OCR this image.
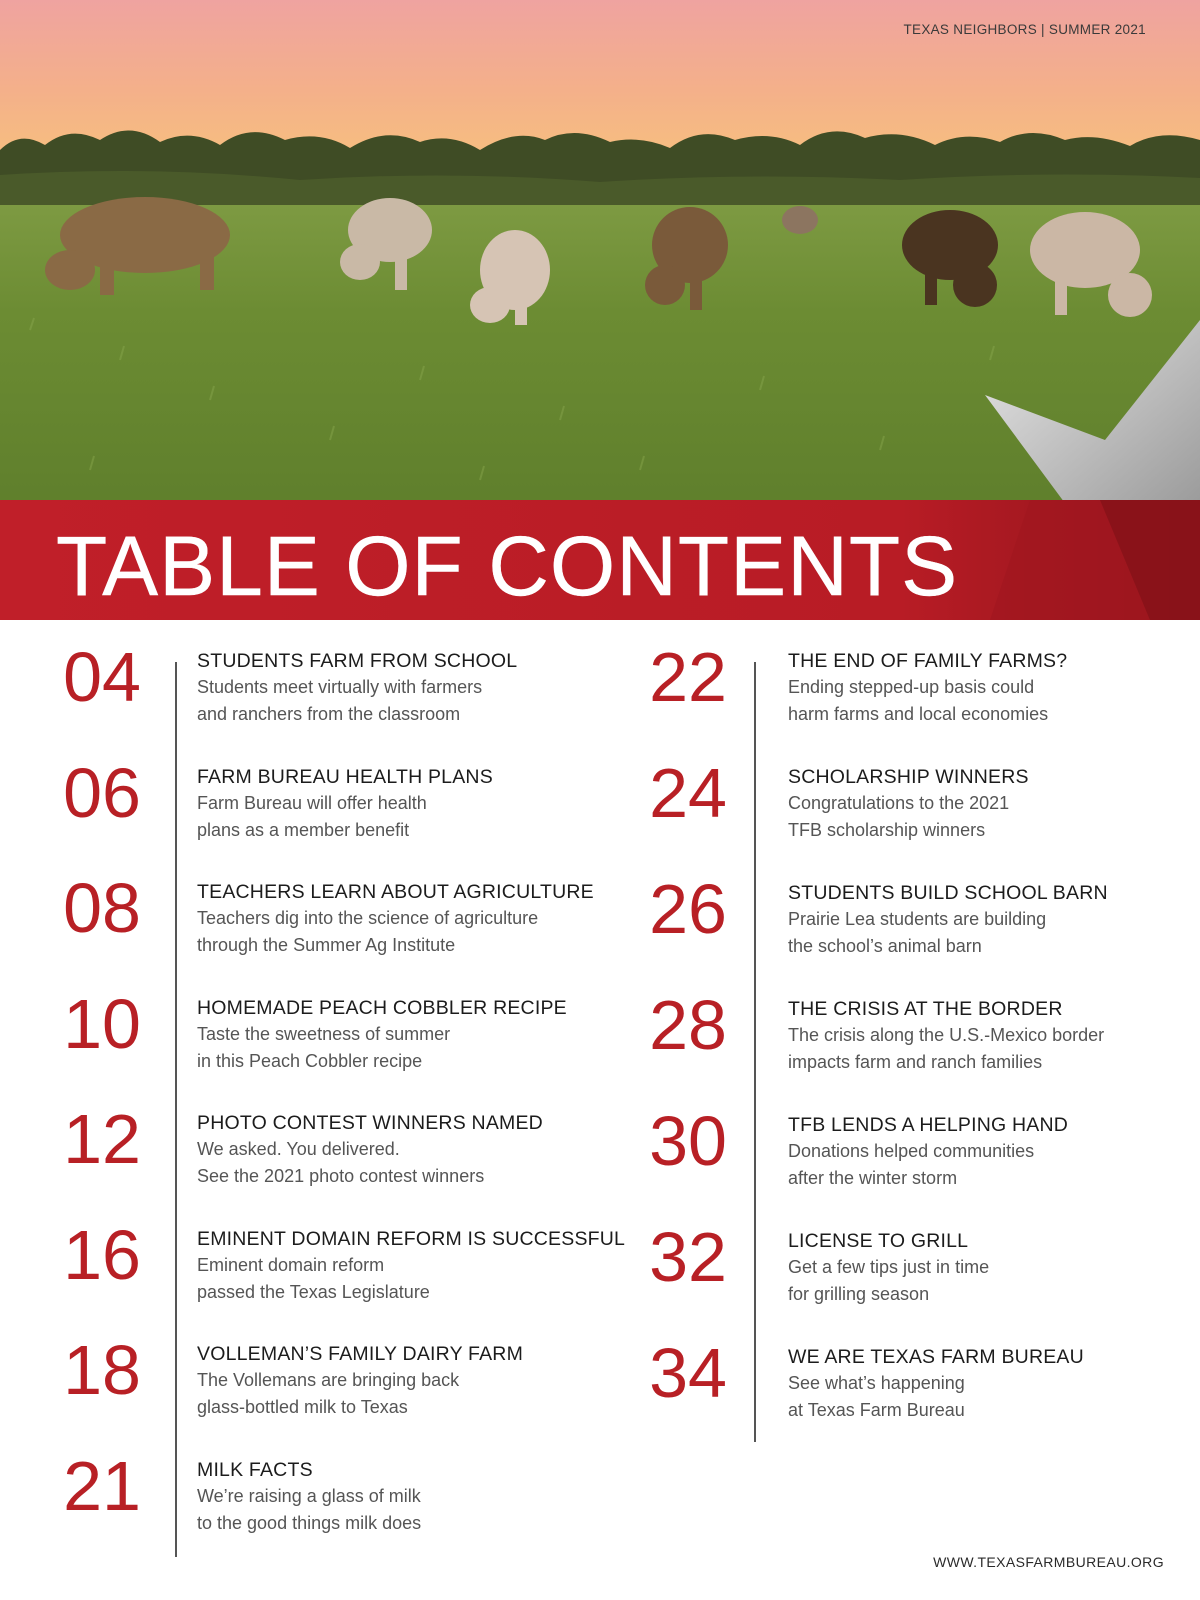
TEXAS NEIGHBORS | SUMMER 2021
TABLE OF CONTENTS
04	STUDENTS FARM FROM SCHOOL
Students meet virtually with farmers
and ranchers from the classroom
06	FARM BUREAU HEALTH PLANS
Farm Bureau will offer health
plans as a member benefit
08	TEACHERS LEARN ABOUT AGRICULTURE
Teachers dig into the science of agriculture
through the Summer Ag Institute
10	HOMEMADE PEACH COBBLER RECIPE
Taste the sweetness of summer
in this Peach Cobbler recipe
12	PHOTO CONTEST WINNERS NAMED
We asked. You delivered.
See the 2021 photo contest winners
16	EMINENT DOMAIN REFORM IS SUCCESSFUL
Eminent domain reform
passed the Texas Legislature
18	VOLLEMAN’S FAMILY DAIRY FARM
The Vollemans are bringing back
glass-bottled milk to Texas
21	MILK FACTS
We’re raising a glass of milk
to the good things milk does
22	THE END OF FAMILY FARMS?
Ending stepped-up basis could
harm farms and local economies
24	SCHOLARSHIP WINNERS
Congratulations to the 2021
TFB scholarship winners
26	STUDENTS BUILD SCHOOL BARN
Prairie Lea students are building
the school’s animal barn
28	THE CRISIS AT THE BORDER
The crisis along the U.S.-Mexico border
impacts farm and ranch families
30	TFB LENDS A HELPING HAND
Donations helped communities
after the winter storm
32	LICENSE TO GRILL
Get a few tips just in time
for grilling season
34	WE ARE TEXAS FARM BUREAU
See what’s happening
at Texas Farm Bureau
WWW.TEXASFARMBUREAU.ORG
